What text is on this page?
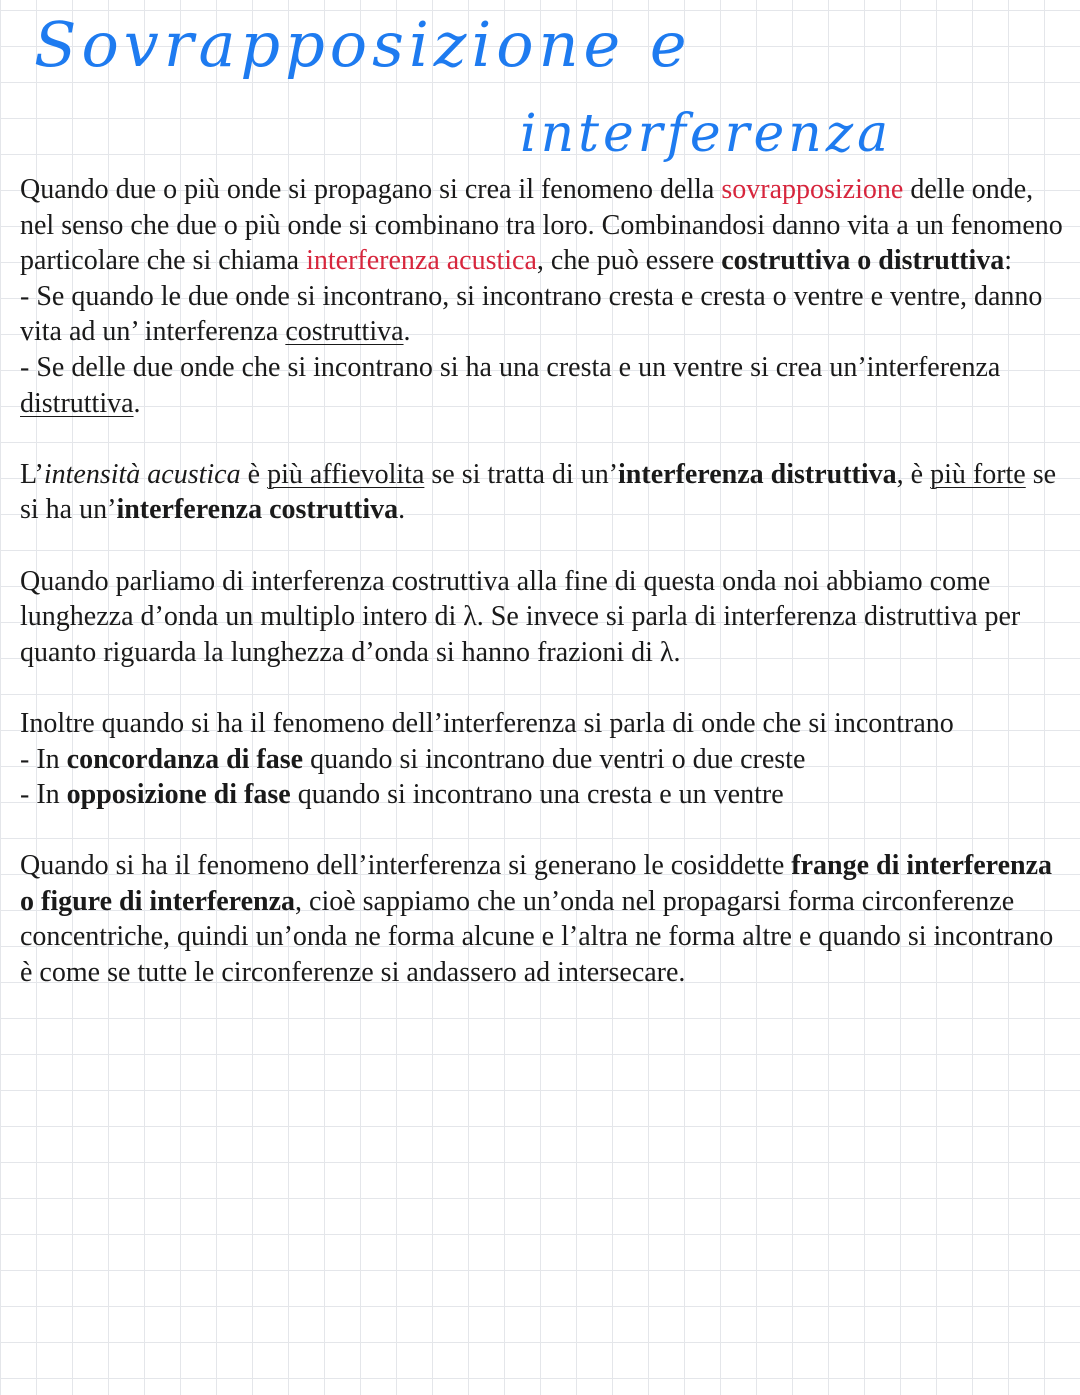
Sovrapposizione e
interferenza

Quando due o più onde si propagano si crea il fenomeno della sovrapposizione delle onde, nel senso che due o più onde si combinano tra loro. Combinandosi danno vita a un fenomeno particolare che si chiama interferenza acustica, che può essere costruttiva o distruttiva:

- Se quando le due onde si incontrano, si incontrano cresta e cresta o ventre e ventre, danno vita ad un’ interferenza costruttiva.

- Se delle due onde che si incontrano si ha una cresta e un ventre si crea un’interferenza distruttiva.

L’intensità acustica è più affievolita se si tratta di un’interferenza distruttiva, è più forte se si ha un’interferenza costruttiva.

Quando parliamo di interferenza costruttiva alla fine di questa onda noi abbiamo come lunghezza d’onda un multiplo intero di λ. Se invece si parla di interferenza distruttiva per quanto riguarda la lunghezza d’onda si hanno frazioni di λ.

Inoltre quando si ha il fenomeno dell’interferenza si parla di onde che si incontrano

- In concordanza di fase quando si incontrano due ventri o due creste

- In opposizione di fase quando si incontrano una cresta e un ventre

Quando si ha il fenomeno dell’interferenza si generano le cosiddette frange di interferenza o figure di interferenza, cioè sappiamo che un’onda nel propagarsi forma circonferenze concentriche, quindi un’onda ne forma alcune e l’altra ne forma altre e quando si incontrano è come se tutte le circonferenze si andassero ad intersecare.
